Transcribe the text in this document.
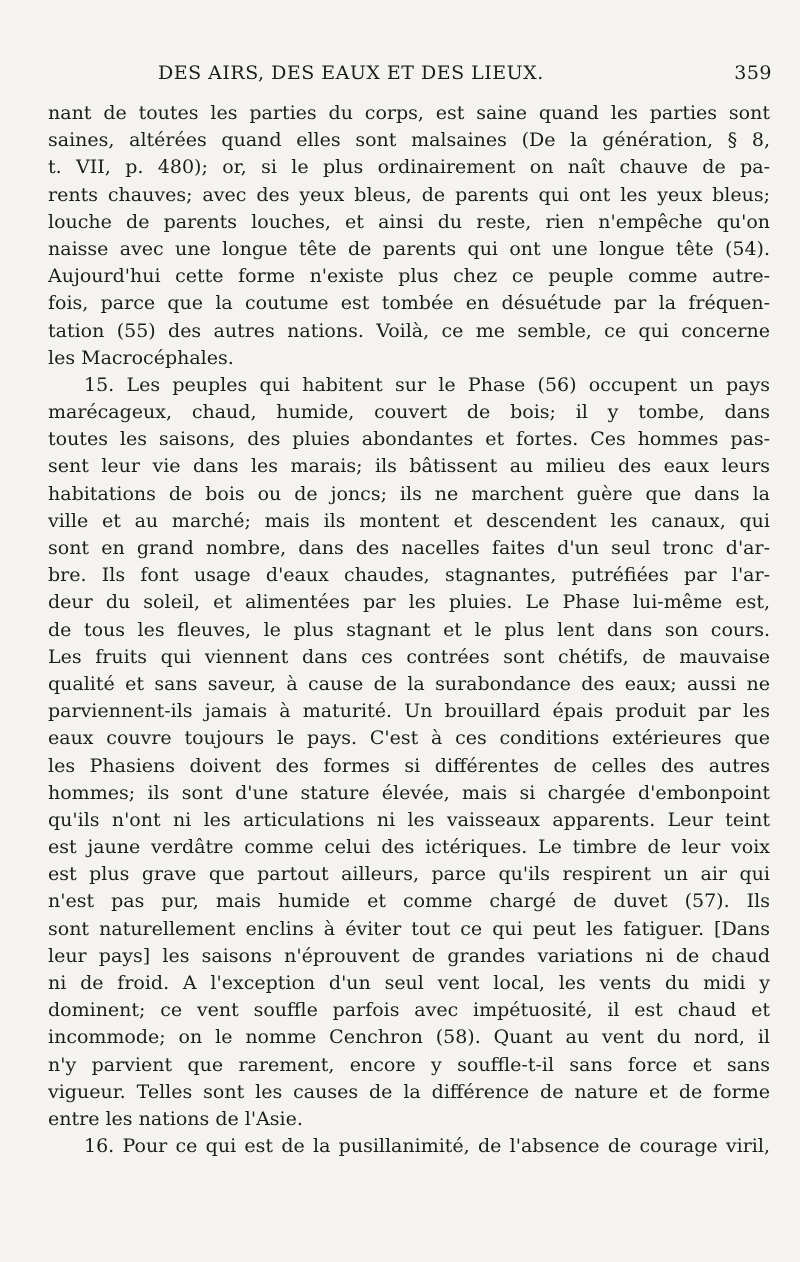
DES AIRS, DES EAUX ET DES LIEUX.	359
nant de toutes les parties du corps, est saine quand les parties sont
saines, altérées quand elles sont malsaines (De la génération, § 8,
t. VII, p. 480); or, si le plus ordinairement on naît chauve de pa-
rents chauves; avec des yeux bleus, de parents qui ont les yeux bleus;
louche de parents louches, et ainsi du reste, rien n'empêche qu'on
naisse avec une longue tête de parents qui ont une longue tête (54).
Aujourd'hui cette forme n'existe plus chez ce peuple comme autre-
fois, parce que la coutume est tombée en désuétude par la fréquen-
tation (55) des autres nations. Voilà, ce me semble, ce qui concerne
les Macrocéphales.
15. Les peuples qui habitent sur le Phase (56) occupent un pays
marécageux, chaud, humide, couvert de bois; il y tombe, dans
toutes les saisons, des pluies abondantes et fortes. Ces hommes pas-
sent leur vie dans les marais; ils bâtissent au milieu des eaux leurs
habitations de bois ou de joncs; ils ne marchent guère que dans la
ville et au marché; mais ils montent et descendent les canaux, qui
sont en grand nombre, dans des nacelles faites d'un seul tronc d'ar-
bre. Ils font usage d'eaux chaudes, stagnantes, putréfiées par l'ar-
deur du soleil, et alimentées par les pluies. Le Phase lui-même est,
de tous les fleuves, le plus stagnant et le plus lent dans son cours.
Les fruits qui viennent dans ces contrées sont chétifs, de mauvaise
qualité et sans saveur, à cause de la surabondance des eaux; aussi ne
parviennent-ils jamais à maturité. Un brouillard épais produit par les
eaux couvre toujours le pays. C'est à ces conditions extérieures que
les Phasiens doivent des formes si différentes de celles des autres
hommes; ils sont d'une stature élevée, mais si chargée d'embonpoint
qu'ils n'ont ni les articulations ni les vaisseaux apparents. Leur teint
est jaune verdâtre comme celui des ictériques. Le timbre de leur voix
est plus grave que partout ailleurs, parce qu'ils respirent un air qui
n'est pas pur, mais humide et comme chargé de duvet (57). Ils
sont naturellement enclins à éviter tout ce qui peut les fatiguer. [Dans
leur pays] les saisons n'éprouvent de grandes variations ni de chaud
ni de froid. A l'exception d'un seul vent local, les vents du midi y
dominent; ce vent souffle parfois avec impétuosité, il est chaud et
incommode; on le nomme Cenchron (58). Quant au vent du nord, il
n'y parvient que rarement, encore y souffle-t-il sans force et sans
vigueur. Telles sont les causes de la différence de nature et de forme
entre les nations de l'Asie.
16. Pour ce qui est de la pusillanimité, de l'absence de courage viril,
